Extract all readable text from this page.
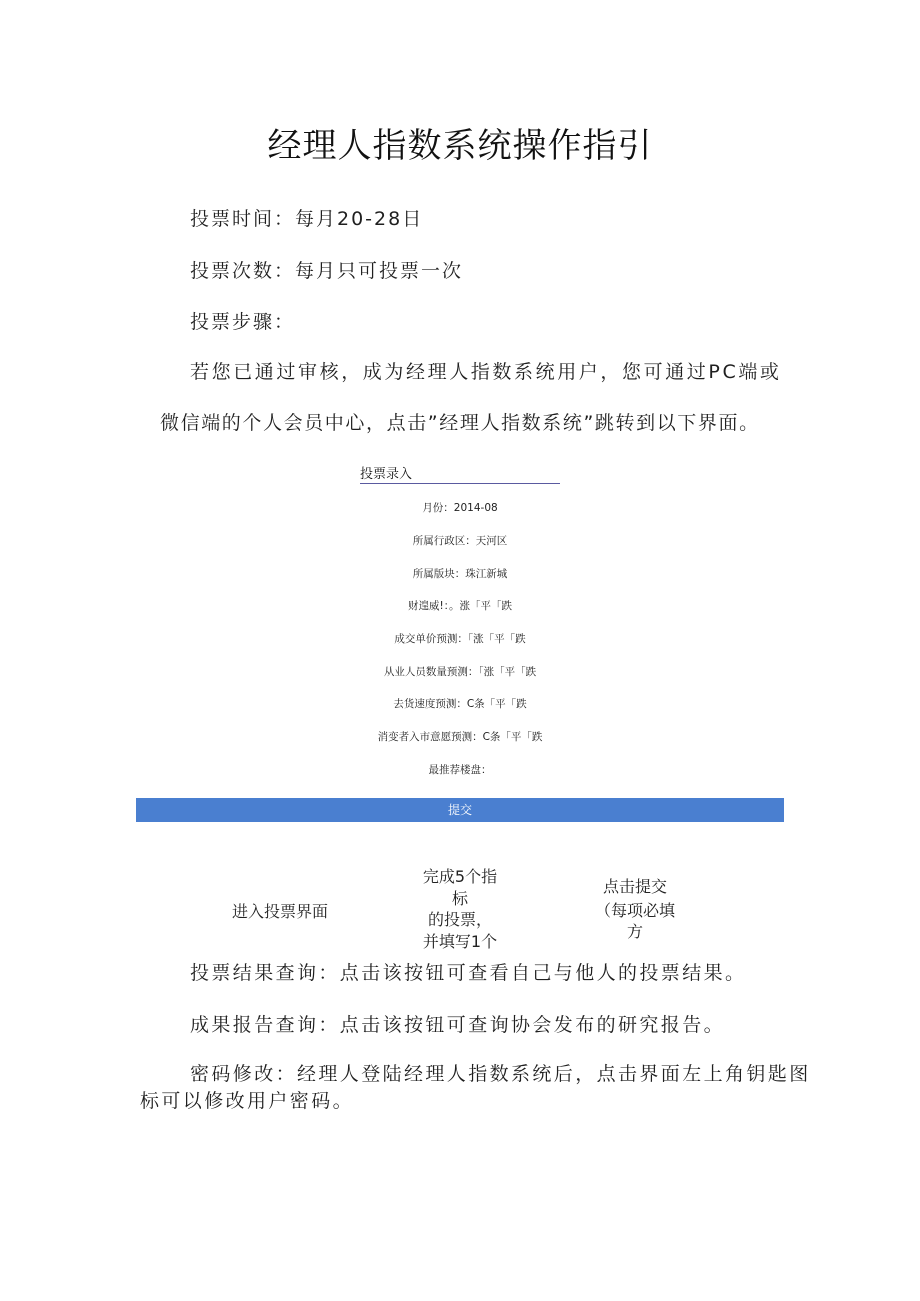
经理人指数系统操作指引
投票时间：每月20-28日
投票次数：每月只可投票一次
投票步骤：
若您已通过审核，成为经理人指数系统用户，您可通过PC端或
微信端的个人会员中心，点击”经理人指数系统”跳转到以下界面。
投票录入
月份：2014-08
所属行政区：天河区
所属版块：珠江新城
财遑威!：。涨「平「跌
成交单价预测：「涨「平「跌
从业人员数量预测：「涨「平「跌
去货速度预测：C条「平「跌
消变者入市意愿预测：C条「平「跌
最推荐楼盘：
提交
进入投票界面
完成5个指
标
的投票，
并填写1个
点击提交
（每项必填
方
投票结果查询：点击该按钮可查看自己与他人的投票结果。
成果报告查询：点击该按钮可查询协会发布的研究报告。
密码修改：经理人登陆经理人指数系统后，点击界面左上角钥匙图
标可以修改用户密码。
